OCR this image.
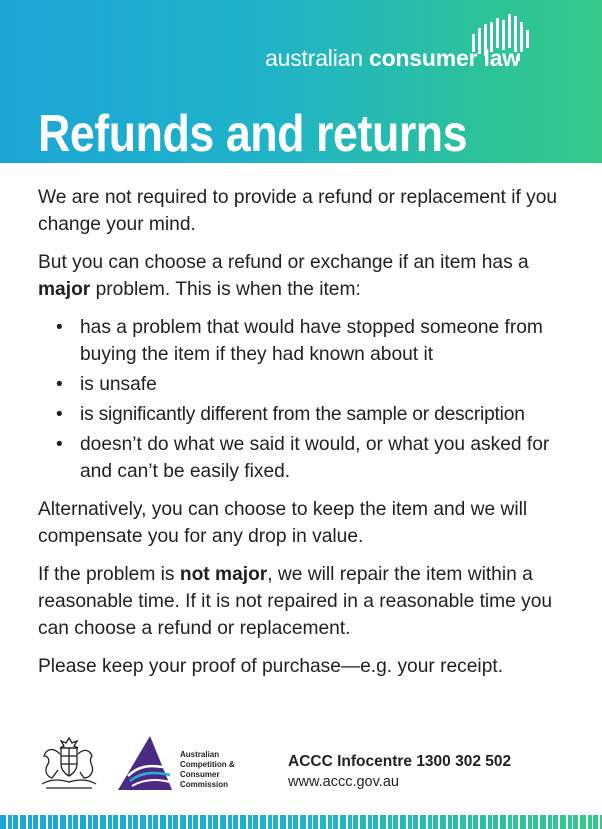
australian consumer law
Refunds and returns

We are not required to provide a refund or replacement if you change your mind.

But you can choose a refund or exchange if an item has a major problem. This is when the item:

• has a problem that would have stopped someone from buying the item if they had known about it
• is unsafe
• is significantly different from the sample or description
• doesn’t do what we said it would, or what you asked for and can’t be easily fixed.

Alternatively, you can choose to keep the item and we will compensate you for any drop in value.

If the problem is not major, we will repair the item within a reasonable time. If it is not repaired in a reasonable time you can choose a refund or replacement.

Please keep your proof of purchase—e.g. your receipt.

Australian
Competition &
Consumer
Commission
ACCC Infocentre 1300 302 502
www.accc.gov.au
